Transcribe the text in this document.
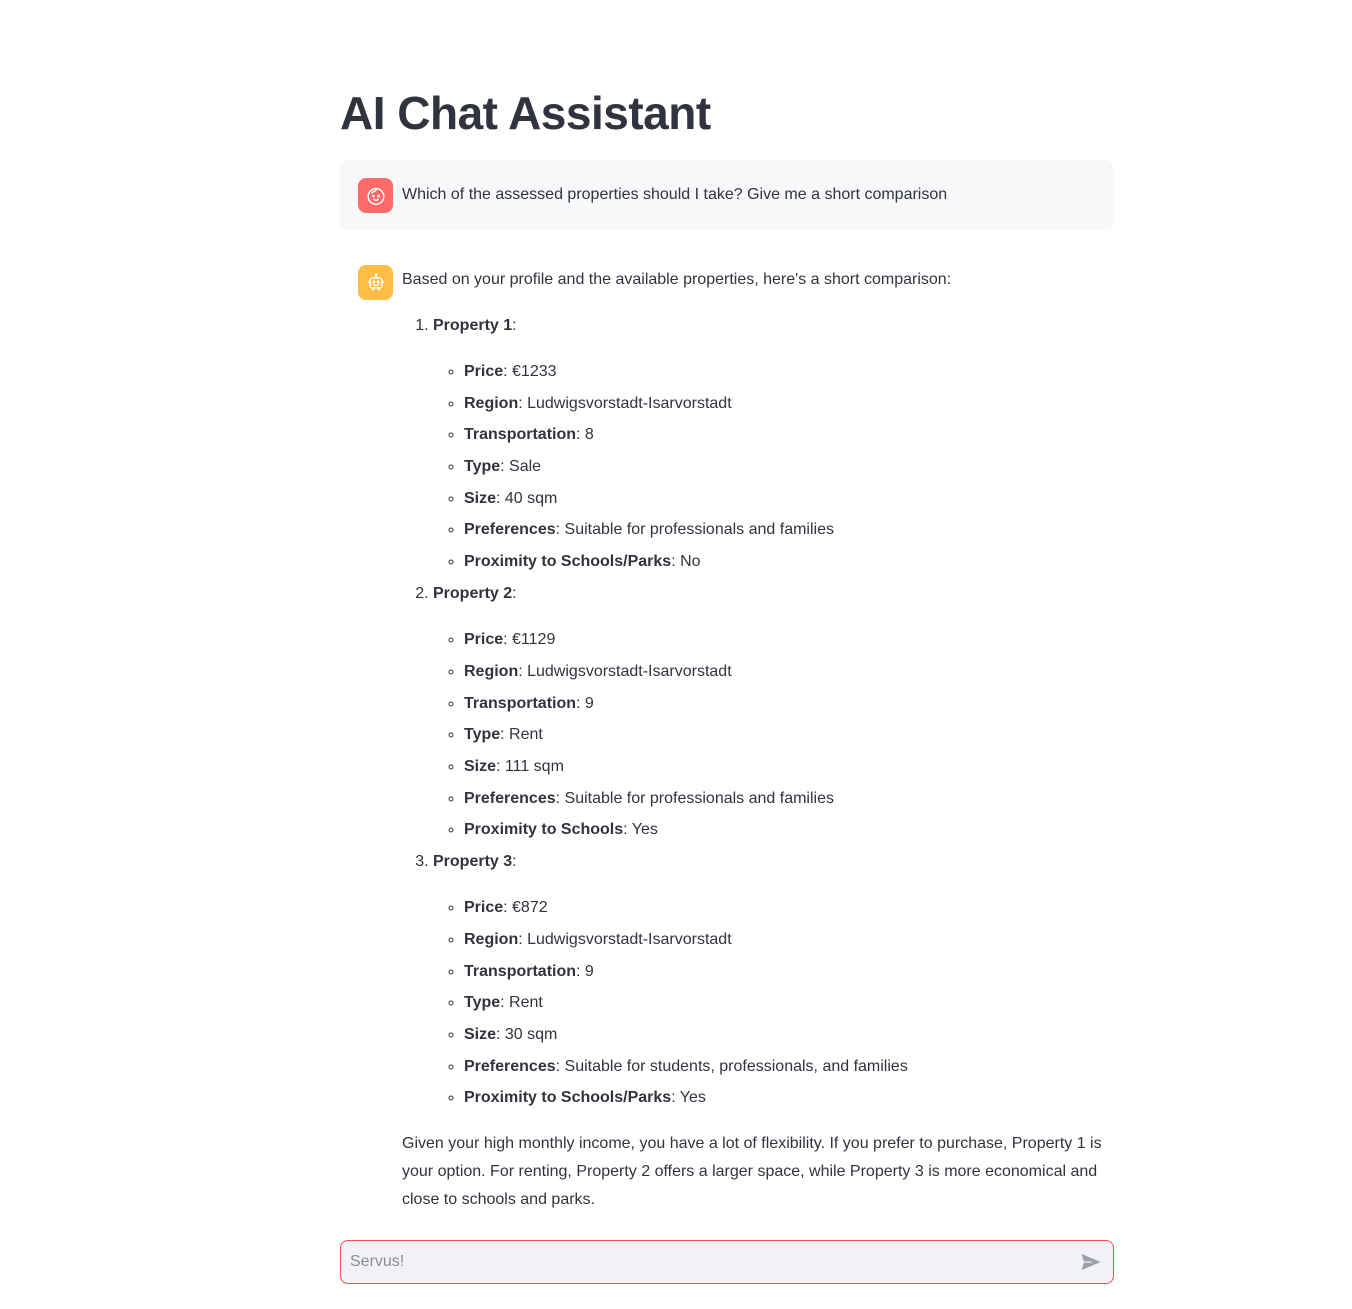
AI Chat Assistant
Which of the assessed properties should I take? Give me a short comparison

Based on your profile and the available properties, here's a short comparison:

1. Property 1:

◦ Price: €1233
◦ Region: Ludwigsvorstadt-Isarvorstadt
◦ Transportation: 8
◦ Type: Sale
◦ Size: 40 sqm
◦ Preferences: Suitable for professionals and families
◦ Proximity to Schools/Parks: No

2. Property 2:

◦ Price: €1129
◦ Region: Ludwigsvorstadt-Isarvorstadt
◦ Transportation: 9
◦ Type: Rent
◦ Size: 111 sqm
◦ Preferences: Suitable for professionals and families
◦ Proximity to Schools: Yes

3. Property 3:

◦ Price: €872
◦ Region: Ludwigsvorstadt-Isarvorstadt
◦ Transportation: 9
◦ Type: Rent
◦ Size: 30 sqm
◦ Preferences: Suitable for students, professionals, and families
◦ Proximity to Schools/Parks: Yes

Given your high monthly income, you have a lot of flexibility. If you prefer to purchase, Property 1 is your option. For renting, Property 2 offers a larger space, while Property 3 is more economical and close to schools and parks.

Servus!
